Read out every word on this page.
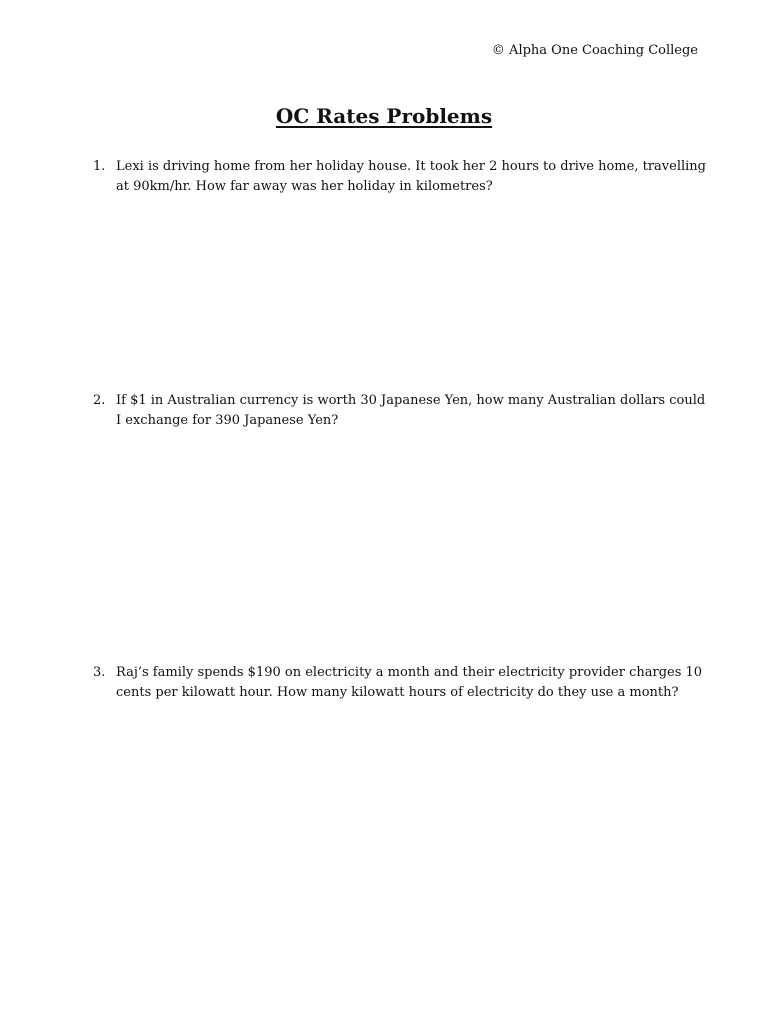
© Alpha One Coaching College
OC Rates Problems
1. Lexi is driving home from her holiday house. It took her 2 hours to drive home, travelling at 90km/hr. How far away was her holiday in kilometres?
2. If $1 in Australian currency is worth 30 Japanese Yen, how many Australian dollars could I exchange for 390 Japanese Yen?
3. Raj’s family spends $190 on electricity a month and their electricity provider charges 10 cents per kilowatt hour. How many kilowatt hours of electricity do they use a month?
